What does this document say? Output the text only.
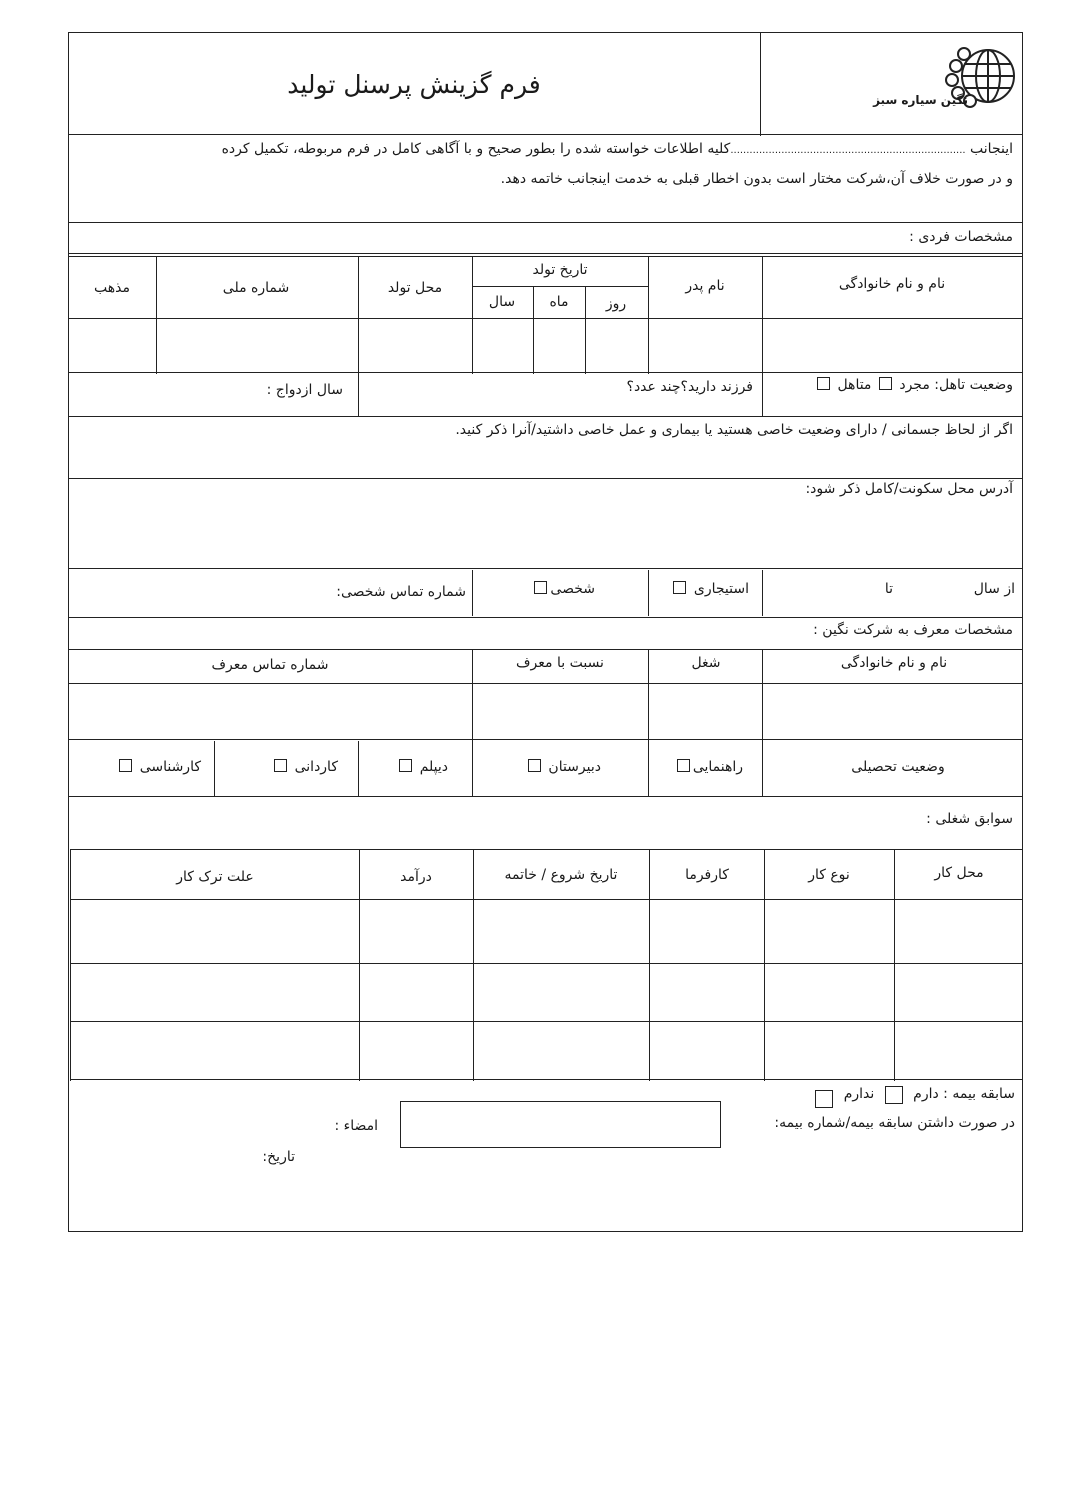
فرم گزینش پرسنل تولید
نگین سیاره سبز
اینجانب ..........................................................................کلیه اطلاعات خواسته شده را بطور صحیح و با آگاهی کامل در فرم مربوطه، تکمیل کرده
و در صورت خلاف آن،شرکت مختار است بدون اخطار قبلی به خدمت اینجانب خاتمه دهد.
مشخصات فردی :
نام و نام خانوادگی
نام پدر
تاریخ تولد
روز
ماه
سال
محل تولد
شماره ملی
مذهب
وضعیت تاهل: مجرد  متاهل
فرزند دارید؟چند عدد؟
سال ازدواج :
اگر از لحاظ جسمانی / دارای وضعیت خاصی هستید یا بیماری و عمل خاصی داشتید/آنرا ذکر کنید.
آدرس محل سکونت/کامل ذکر شود:
از سال
تا
استیجاری
شخصی
شماره تماس شخصی:
مشخصات معرف به شرکت نگین :
نام و نام خانوادگی
شغل
نسبت با معرف
شماره تماس معرف
وضعیت تحصیلی
راهنمایی
دبیرستان
دیپلم
کاردانی
کارشناسی
سوابق شغلی :
محل کار
نوع کار
کارفرما
تاریخ شروع / خاتمه
درآمد
علت ترک کار
سابقه بیمه : دارم  ندارم
در صورت داشتن سابقه بیمه/شماره بیمه:
امضاء :
تاریخ:
